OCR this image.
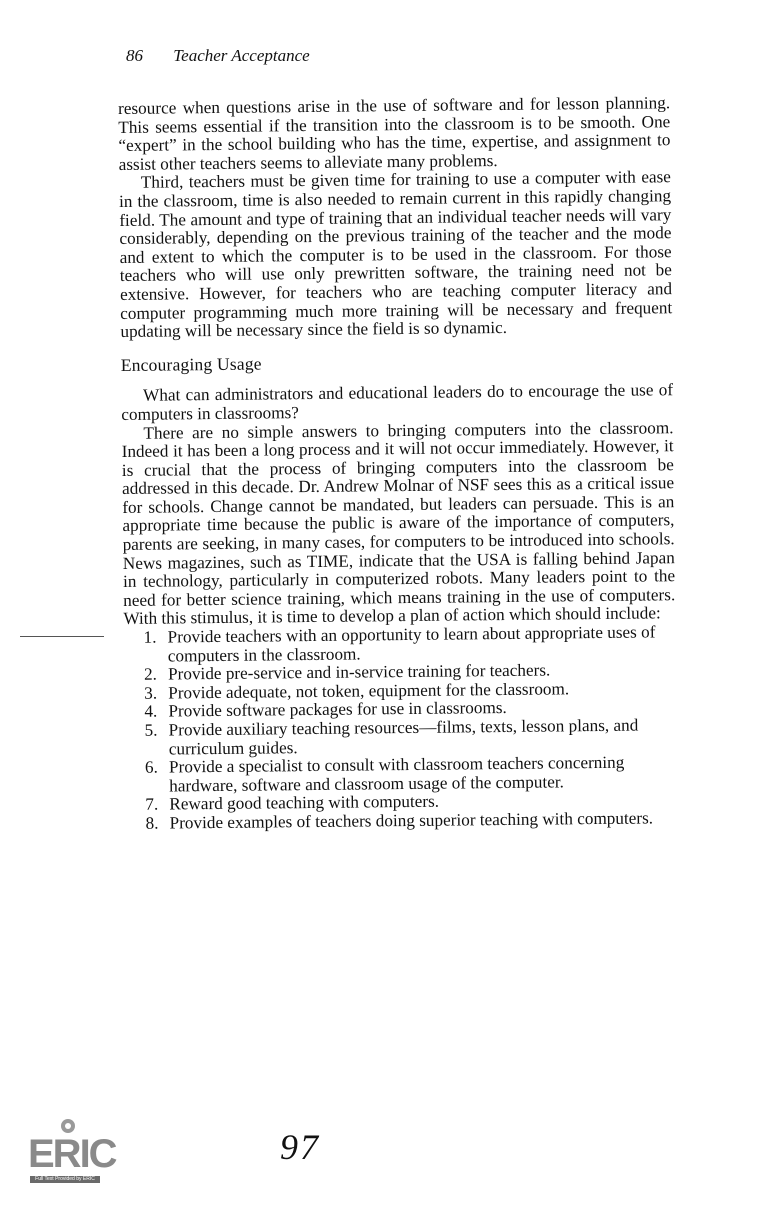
86 Teacher Acceptance

resource when questions arise in the use of software and for lesson planning. This seems essential if the transition into the classroom is to be smooth. One “expert” in the school building who has the time, expertise, and assignment to assist other teachers seems to alleviate many problems.

Third, teachers must be given time for training to use a computer with ease in the classroom, time is also needed to remain current in this rapidly changing field. The amount and type of training that an individual teacher needs will vary considerably, depending on the previous training of the teacher and the mode and extent to which the computer is to be used in the classroom. For those teachers who will use only prewritten software, the training need not be extensive. However, for teachers who are teaching computer literacy and computer programming much more training will be necessary and frequent updating will be necessary since the field is so dynamic.

Encouraging Usage

What can administrators and educational leaders do to encourage the use of computers in classrooms?

There are no simple answers to bringing computers into the classroom. Indeed it has been a long process and it will not occur immediately. However, it is crucial that the process of bringing computers into the classroom be addressed in this decade. Dr. Andrew Molnar of NSF sees this as a critical issue for schools. Change cannot be mandated, but leaders can persuade. This is an appropriate time because the public is aware of the importance of computers, parents are seeking, in many cases, for computers to be introduced into schools. News magazines, such as TIME, indicate that the USA is falling behind Japan in technology, particularly in computerized robots. Many leaders point to the need for better science training, which means training in the use of computers. With this stimulus, it is time to develop a plan of action which should include:

1. Provide teachers with an opportunity to learn about appropriate uses of computers in the classroom.
2. Provide pre-service and in-service training for teachers.
3. Provide adequate, not token, equipment for the classroom.
4. Provide software packages for use in classrooms.
5. Provide auxiliary teaching resources—films, texts, lesson plans, and curriculum guides.
6. Provide a specialist to consult with classroom teachers concerning hardware, software and classroom usage of the computer.
7. Reward good teaching with computers.
8. Provide examples of teachers doing superior teaching with computers.
ERIC
Full Text Provided by ERIC
97
